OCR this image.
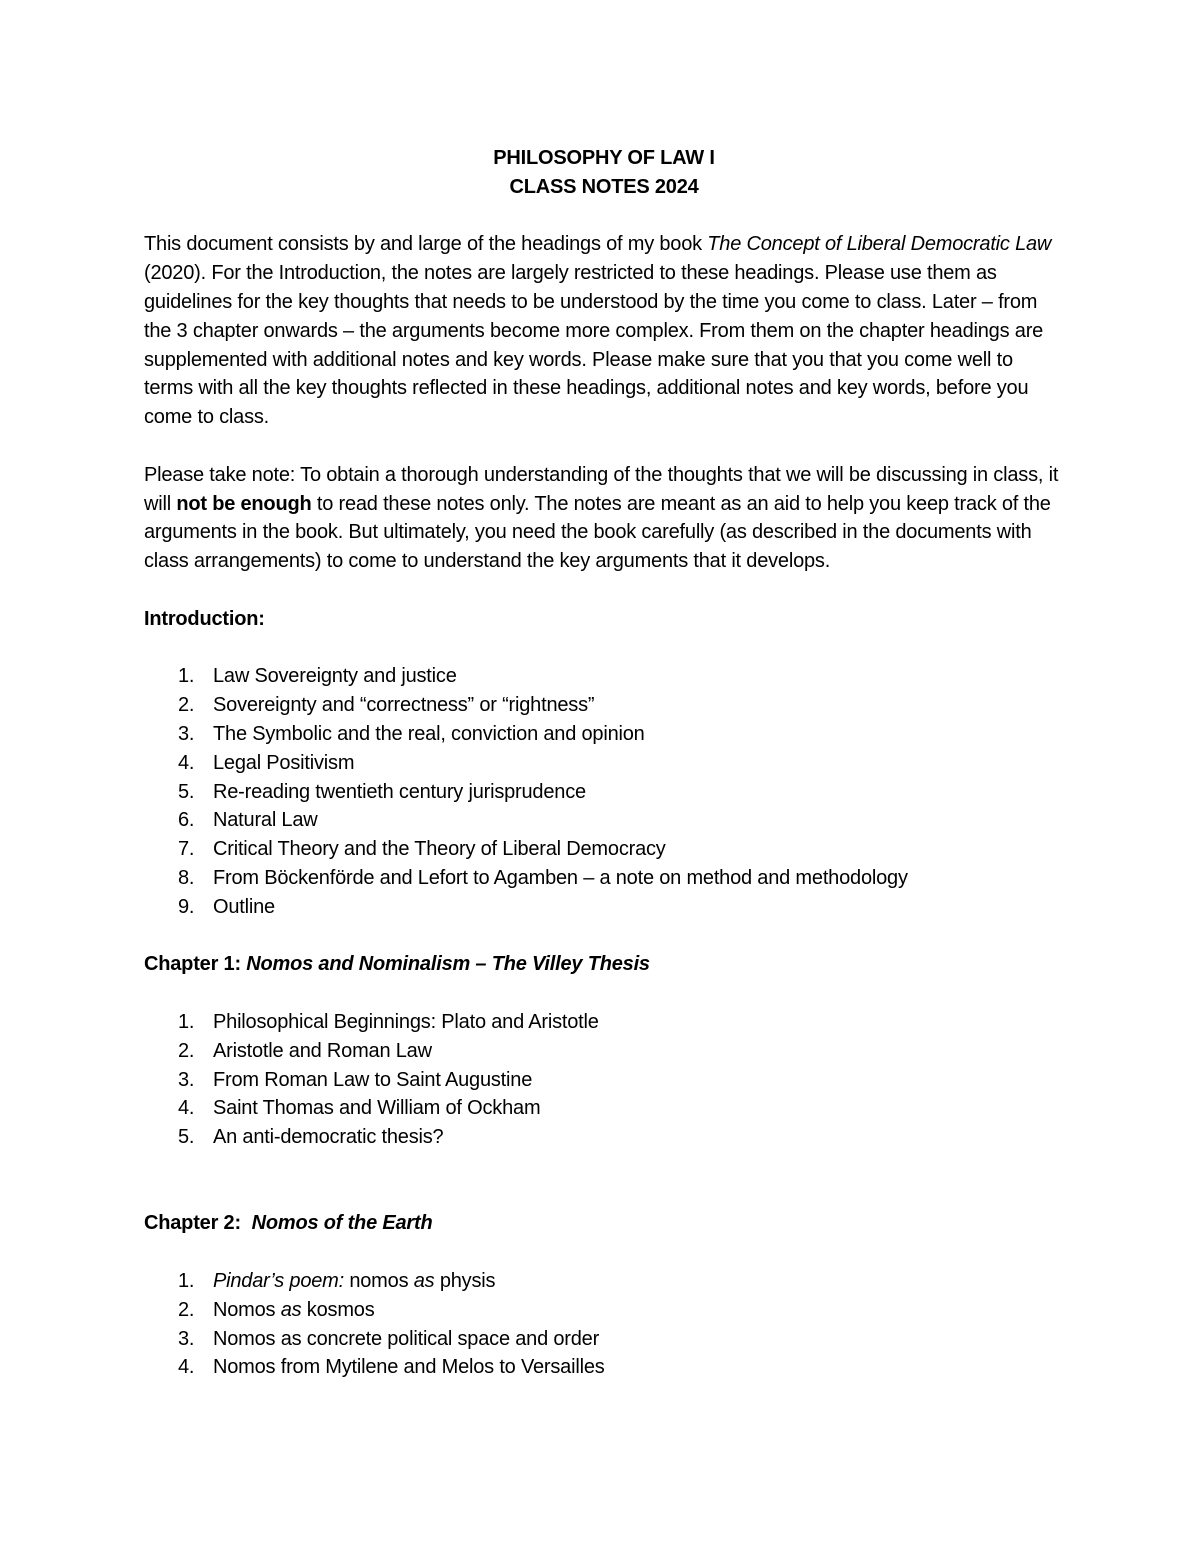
PHILOSOPHY OF LAW I
CLASS NOTES 2024

This document consists by and large of the headings of my book The Concept of Liberal Democratic Law (2020). For the Introduction, the notes are largely restricted to these headings. Please use them as guidelines for the key thoughts that needs to be understood by the time you come to class. Later – from the 3 chapter onwards – the arguments become more complex. From them on the chapter headings are supplemented with additional notes and key words. Please make sure that you that you come well to terms with all the key thoughts reflected in these headings, additional notes and key words, before you come to class.

Please take note: To obtain a thorough understanding of the thoughts that we will be discussing in class, it will not be enough to read these notes only. The notes are meant as an aid to help you keep track of the arguments in the book. But ultimately, you need the book carefully (as described in the documents with class arrangements) to come to understand the key arguments that it develops.

Introduction:
1. Law Sovereignty and justice
2. Sovereignty and “correctness” or “rightness”
3. The Symbolic and the real, conviction and opinion
4. Legal Positivism
5. Re-reading twentieth century jurisprudence
6. Natural Law
7. Critical Theory and the Theory of Liberal Democracy
8. From Böckenförde and Lefort to Agamben – a note on method and methodology
9. Outline
Chapter 1: Nomos and Nominalism – The Villey Thesis
1. Philosophical Beginnings: Plato and Aristotle
2. Aristotle and Roman Law
3. From Roman Law to Saint Augustine
4. Saint Thomas and William of Ockham
5. An anti-democratic thesis?
Chapter 2:  Nomos of the Earth
1. Pindar’s poem: nomos as physis
2. Nomos as kosmos
3. Nomos as concrete political space and order
4. Nomos from Mytilene and Melos to Versailles
